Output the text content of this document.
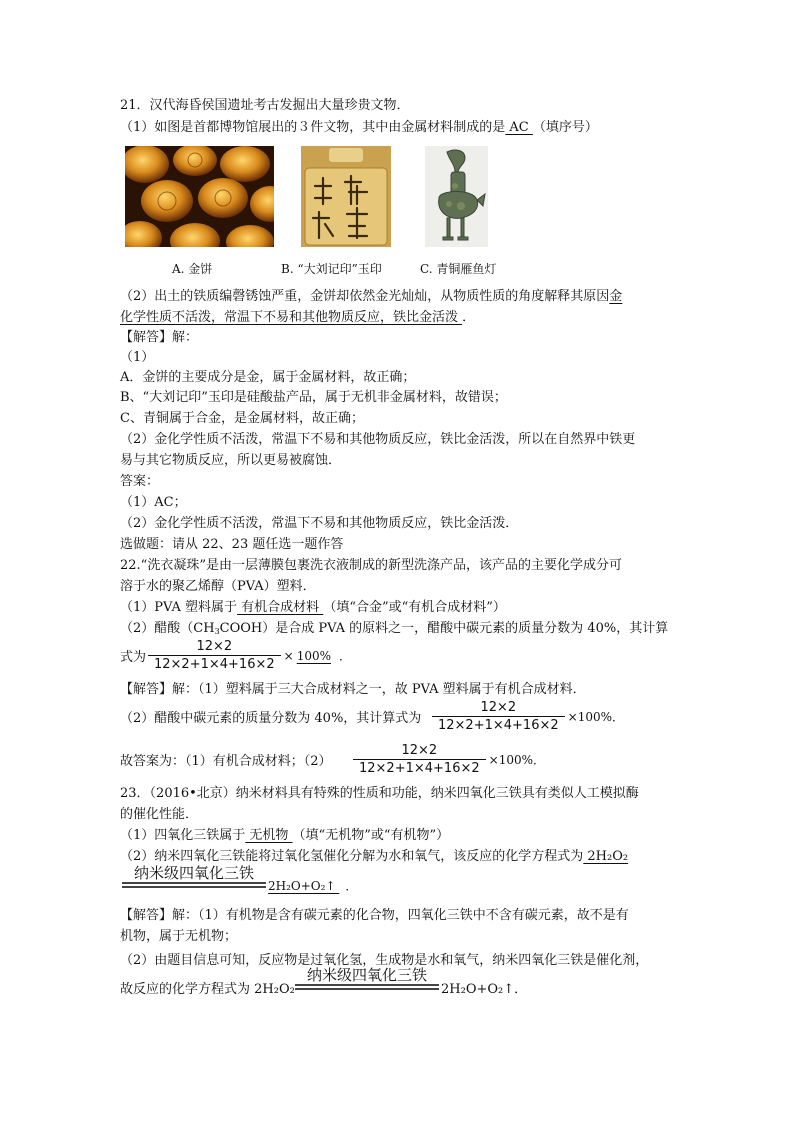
21．汉代海昏侯国遗址考古发掘出大量珍贵文物．
（1）如图是首都博物馆展出的３件文物，其中由金属材料制成的是 AC （填序号）
A. 金饼	B. “大刘记印”玉印	C. 青铜雁鱼灯
（2）出土的铁质编磬锈蚀严重，金饼却依然金光灿灿，从物质性质的角度解释其原因金
化学性质不活泼，常温下不易和其他物质反应，铁比金活泼 ．
【解答】解：
（1）
A．金饼的主要成分是金，属于金属材料，故正确；
B、“大刘记印”玉印是硅酸盐产品，属于无机非金属材料，故错误；
C、青铜属于合金，是金属材料，故正确；
（2）金化学性质不活泼，常温下不易和其他物质反应，铁比金活泼，所以在自然界中铁更
易与其它物质反应，所以更易被腐蚀．
答案：
（1）AC；
（2）金化学性质不活泼，常温下不易和其他物质反应，铁比金活泼．
选做题：请从 22、23 题任选一题作答
22.“洗衣凝珠”是由一层薄膜包裹洗衣液制成的新型洗涤产品，该产品的主要化学成分可
溶于水的聚乙烯醇（PVA）塑料．
（1）PVA 塑料属于 有机合成材料 （填“合金”或“有机合成材料”）
（2）醋酸$(CH_3COOH)$是合成 PVA 的原料之一，醋酸中碳元素的质量分数为 40%，其计算
式为 $\frac{12\times 2}{12\times 2+1\times 4+16\times 2} \times 100\%$ ．
【解答】解：（1）塑料属于三大合成材料之一，故 PVA 塑料属于有机合成材料．
（2）醋酸中碳元素的质量分数为 40%，其计算式为 $\frac{12\times 2}{12\times 2+1\times 4+16\times 2} \times 100\%$．
故答案为：（1）有机合成材料；$(2) \frac{12\times 2}{12\times 2+1\times 4+16\times 2} \times 100\%$．
23．（2016•北京）纳米材料具有特殊的性质和功能，纳米四氧化三铁具有类似人工模拟酶
的催化性能．
（1）四氧化三铁属于 无机物 （填“无机物”或“有机物”）
（2）纳米四氧化三铁能将过氧化氢催化分解为水和氧气，该反应的化学方程式为 2H₂O₂
纳米级四氧化三铁
2H₂O+O₂↑ ．
【解答】解：（1）有机物是含有碳元素的化合物，四氧化三铁中不含有碳元素，故不是有
机物，属于无机物；
（2）由题目信息可知，反应物是过氧化氢，生成物是水和氧气，纳米四氧化三铁是催化剂，
故反应的化学方程式为 2H₂O₂
纳米级四氧化三铁
2H₂O+O₂↑．
